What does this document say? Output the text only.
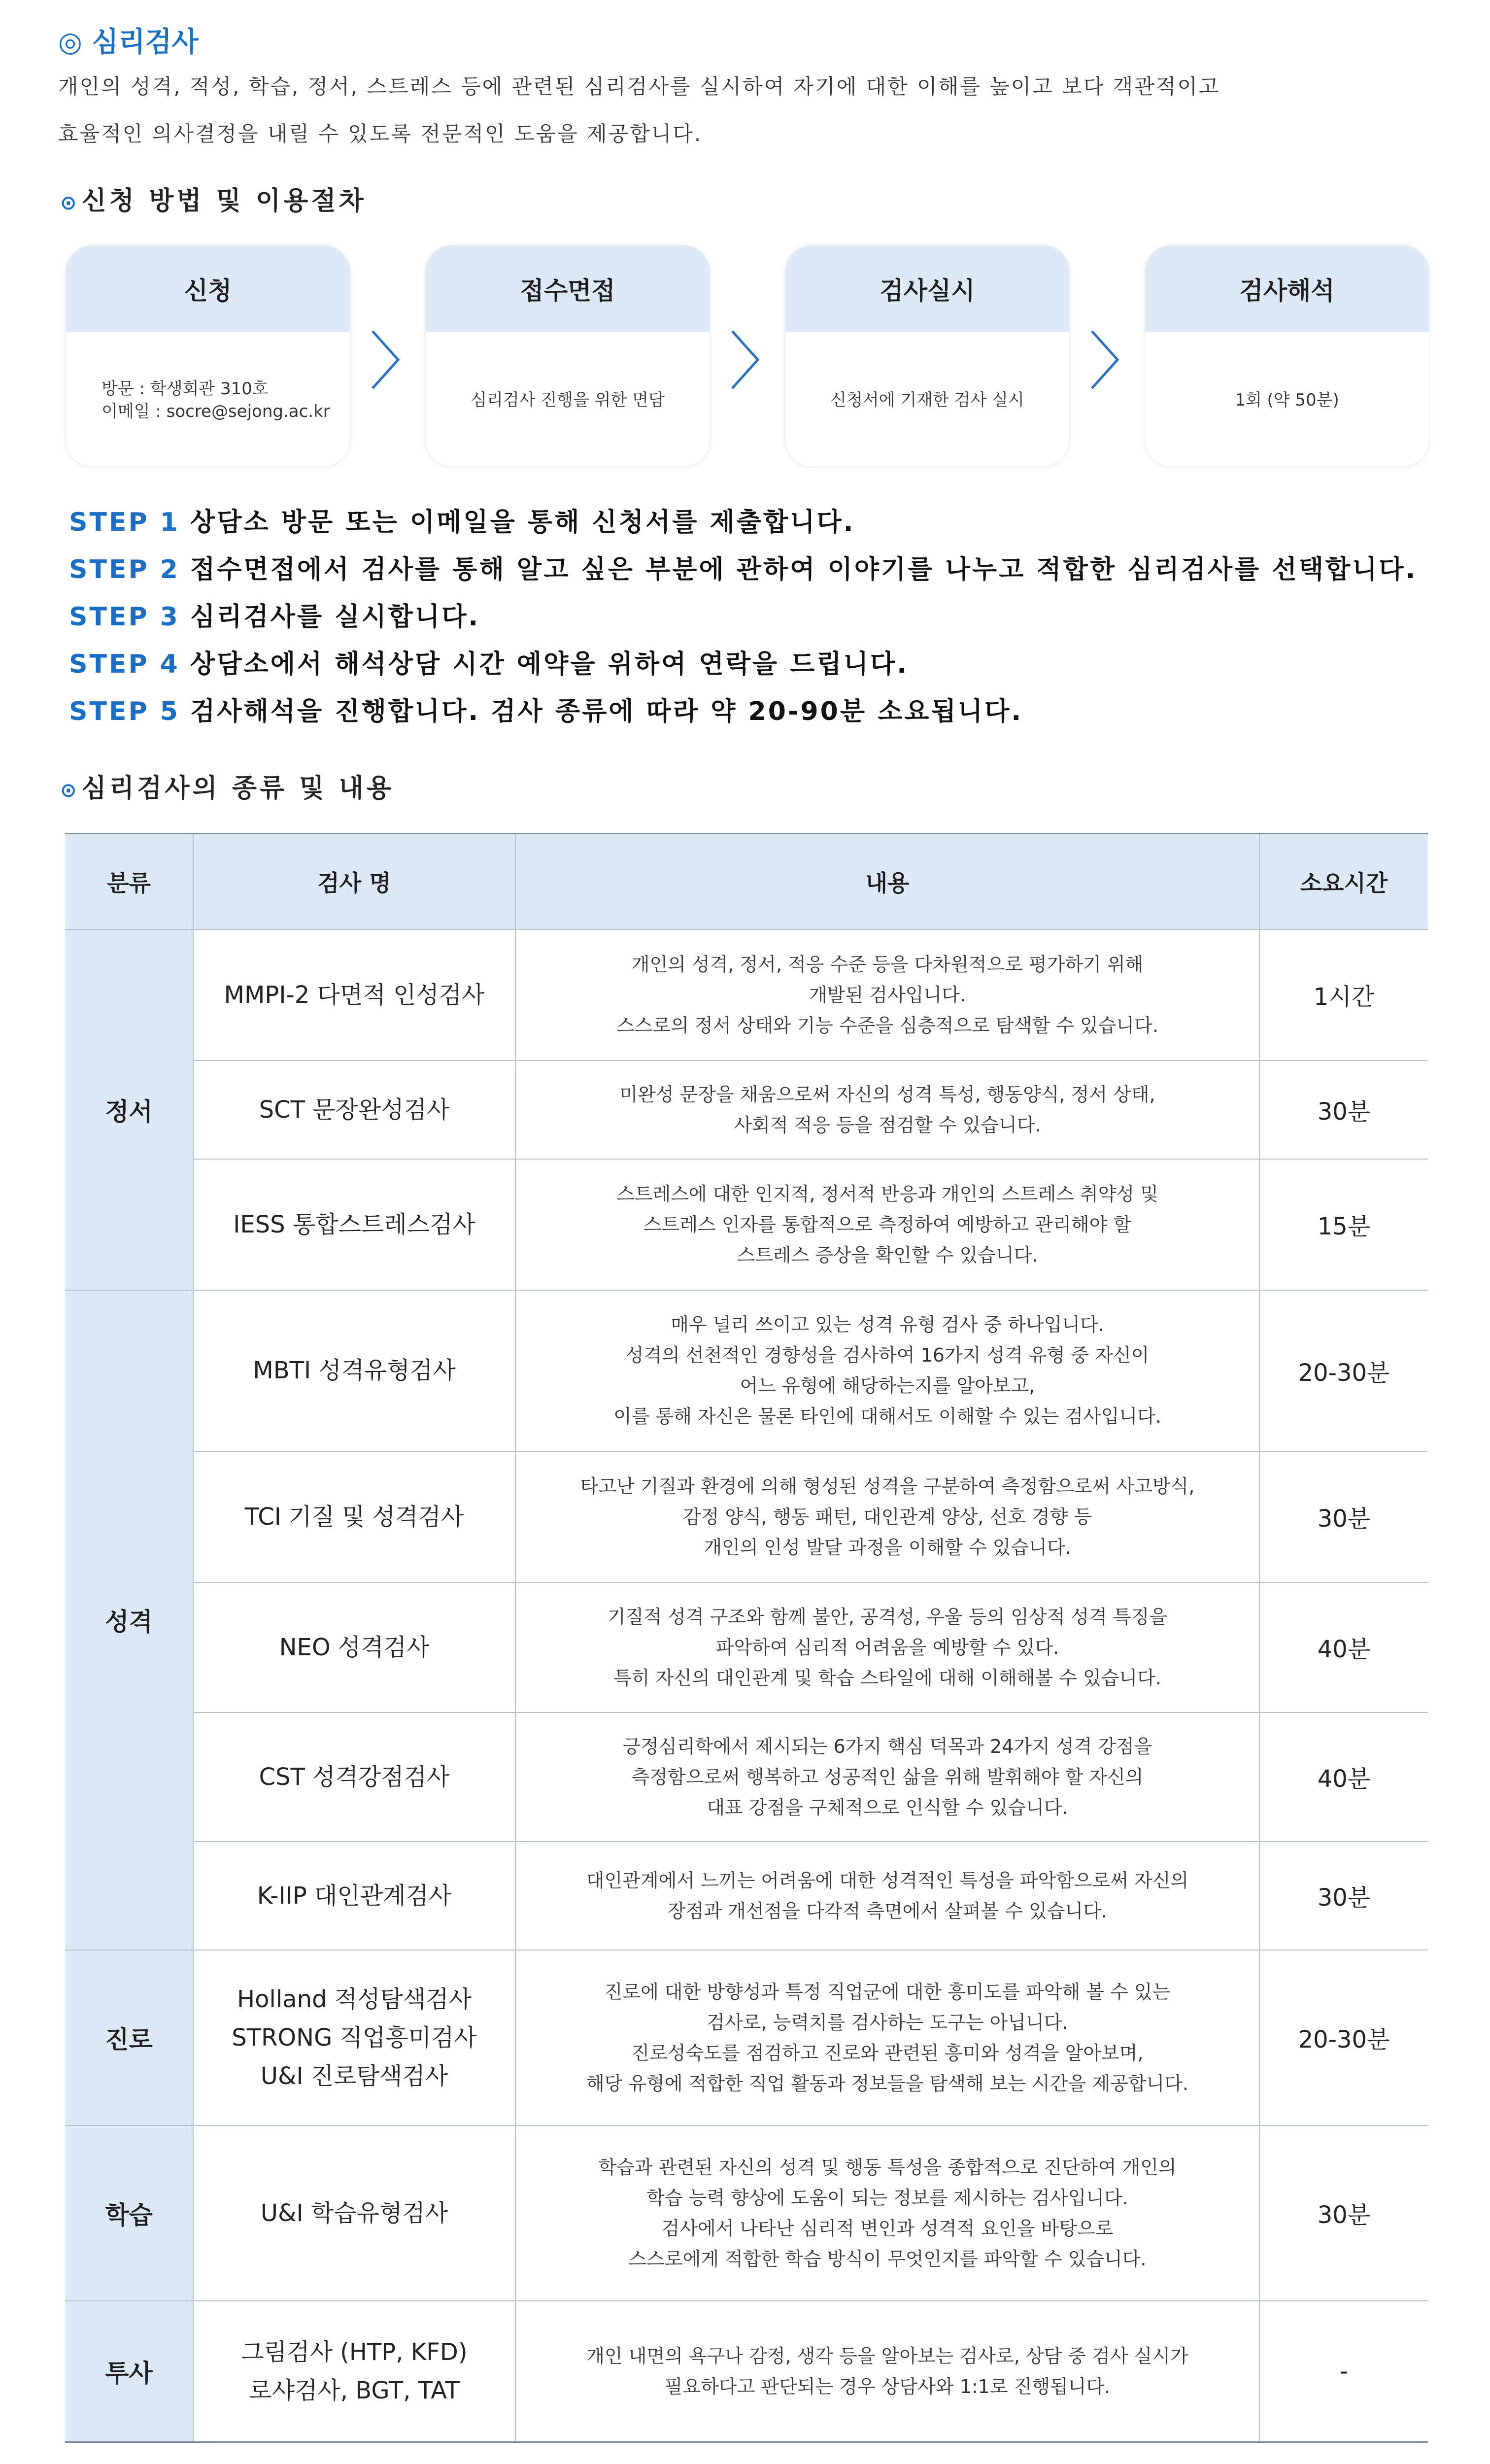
◎ 심리검사
개인의 성격, 적성, 학습, 정서, 스트레스 등에 관련된 심리검사를 실시하여 자기에 대한 이해를 높이고 보다 객관적이고
효율적인 의사결정을 내릴 수 있도록 전문적인 도움을 제공합니다.
⊙ 신청 방법 및 이용절차
신청
방문 : 학생회관 310호
이메일 : socre@sejong.ac.kr
접수면접
심리검사 진행을 위한 면담
검사실시
신청서에 기재한 검사 실시
검사해석
1회 (약 50분)
STEP 1 상담소 방문 또는 이메일을 통해 신청서를 제출합니다.
STEP 2 접수면접에서 검사를 통해 알고 싶은 부분에 관하여 이야기를 나누고 적합한 심리검사를 선택합니다.
STEP 3 심리검사를 실시합니다.
STEP 4 상담소에서 해석상담 시간 예약을 위하여 연락을 드립니다.
STEP 5 검사해석을 진행합니다. 검사 종류에 따라 약 20-90분 소요됩니다.
⊙ 심리검사의 종류 및 내용
분류	검사 명	내용	소요시간
정서	MMPI-2 다면적 인성검사	개인의 성격, 정서, 적응 수준 등을 다차원적으로 평가하기 위해
개발된 검사입니다.
스스로의 정서 상태와 기능 수준을 심층적으로 탐색할 수 있습니다.	1시간

	SCT 문장완성검사	미완성 문장을 채움으로써 자신의 성격 특성, 행동양식, 정서 상태,
사회적 적응 등을 점검할 수 있습니다.	30분

	IESS 통합스트레스검사	스트레스에 대한 인지적, 정서적 반응과 개인의 스트레스 취약성 및
스트레스 인자를 통합적으로 측정하여 예방하고 관리해야 할
스트레스 증상을 확인할 수 있습니다.	15분
성격	MBTI 성격유형검사	매우 널리 쓰이고 있는 성격 유형 검사 중 하나입니다.
성격의 선천적인 경향성을 검사하여 16가지 성격 유형 중 자신이
어느 유형에 해당하는지를 알아보고,
이를 통해 자신은 물론 타인에 대해서도 이해할 수 있는 검사입니다.	20-30분

	TCI 기질 및 성격검사	타고난 기질과 환경에 의해 형성된 성격을 구분하여 측정함으로써 사고방식,
감정 양식, 행동 패턴, 대인관계 양상, 선호 경향 등
개인의 인성 발달 과정을 이해할 수 있습니다.	30분

	NEO 성격검사	기질적 성격 구조와 함께 불안, 공격성, 우울 등의 임상적 성격 특징을
파악하여 심리적 어려움을 예방할 수 있다.
특히 자신의 대인관계 및 학습 스타일에 대해 이해해볼 수 있습니다.	40분

	CST 성격강점검사	긍정심리학에서 제시되는 6가지 핵심 덕목과 24가지 성격 강점을
측정함으로써 행복하고 성공적인 삶을 위해 발휘해야 할 자신의
대표 강점을 구체적으로 인식할 수 있습니다.	40분

	K-IIP 대인관계검사	대인관계에서 느끼는 어려움에 대한 성격적인 특성을 파악함으로써 자신의
장점과 개선점을 다각적 측면에서 살펴볼 수 있습니다.	30분
진로	Holland 적성탐색검사
STRONG 직업흥미검사
U&I 진로탐색검사	진로에 대한 방향성과 특정 직업군에 대한 흥미도를 파악해 볼 수 있는
검사로, 능력치를 검사하는 도구는 아닙니다.
진로성숙도를 점검하고 진로와 관련된 흥미와 성격을 알아보며,
해당 유형에 적합한 직업 활동과 정보들을 탐색해 보는 시간을 제공합니다.	20-30분
학습	U&I 학습유형검사	학습과 관련된 자신의 성격 및 행동 특성을 종합적으로 진단하여 개인의
학습 능력 향상에 도움이 되는 정보를 제시하는 검사입니다.
검사에서 나타난 심리적 변인과 성격적 요인을 바탕으로
스스로에게 적합한 학습 방식이 무엇인지를 파악할 수 있습니다.	30분
투사	그림검사 (HTP, KFD)
로샤검사, BGT, TAT	개인 내면의 욕구나 감정, 생각 등을 알아보는 검사로, 상담 중 검사 실시가
필요하다고 판단되는 경우 상담사와 1:1로 진행됩니다.	-
